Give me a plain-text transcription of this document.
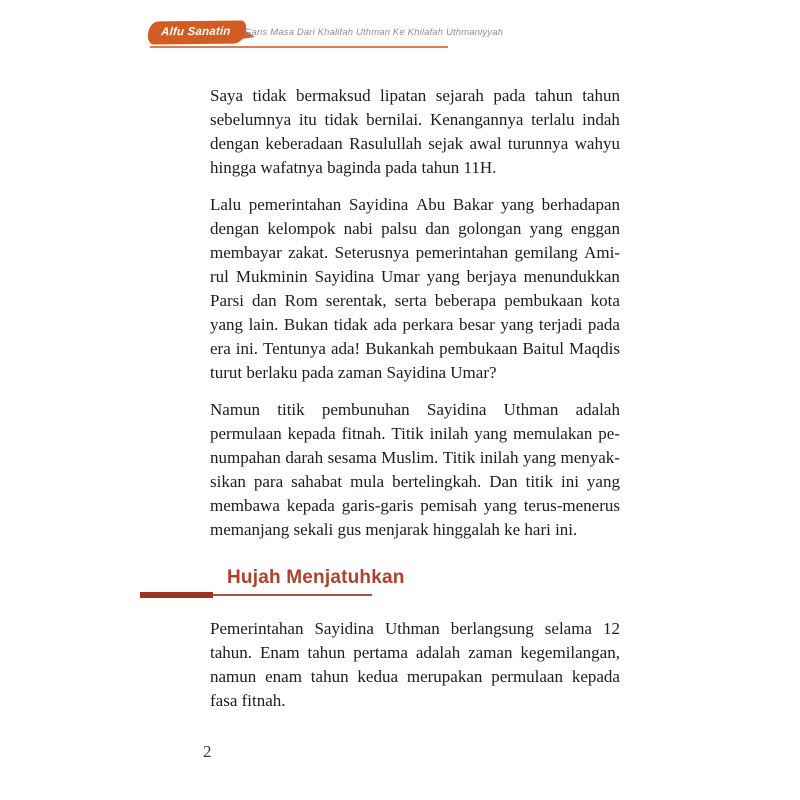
Alfu Sanatin Garis Masa Dari Khalifah Uthman Ke Khilafah Uthmaniyyah
Saya tidak bermaksud lipatan sejarah pada tahun tahun
sebelumnya itu tidak bernilai. Kenangannya terlalu indah
dengan keberadaan Rasulullah sejak awal turunnya wahyu
hingga wafatnya baginda pada tahun 11H.
Lalu pemerintahan Sayidina Abu Bakar yang berhadapan
dengan kelompok nabi palsu dan golongan yang enggan
membayar zakat. Seterusnya pemerintahan gemilang Ami-
rul Mukminin Sayidina Umar yang berjaya menundukkan
Parsi dan Rom serentak, serta beberapa pembukaan kota
yang lain. Bukan tidak ada perkara besar yang terjadi pada
era ini. Tentunya ada! Bukankah pembukaan Baitul Maqdis
turut berlaku pada zaman Sayidina Umar?
Namun titik pembunuhan Sayidina Uthman adalah
permulaan kepada fitnah. Titik inilah yang memulakan pe-
numpahan darah sesama Muslim. Titik inilah yang menyak-
sikan para sahabat mula bertelingkah. Dan titik ini yang
membawa kepada garis-garis pemisah yang terus-menerus
memanjang sekali gus menjarak hinggalah ke hari ini.
Hujah Menjatuhkan
Pemerintahan Sayidina Uthman berlangsung selama 12
tahun. Enam tahun pertama adalah zaman kegemilangan,
namun enam tahun kedua merupakan permulaan kepada
fasa fitnah.
2
